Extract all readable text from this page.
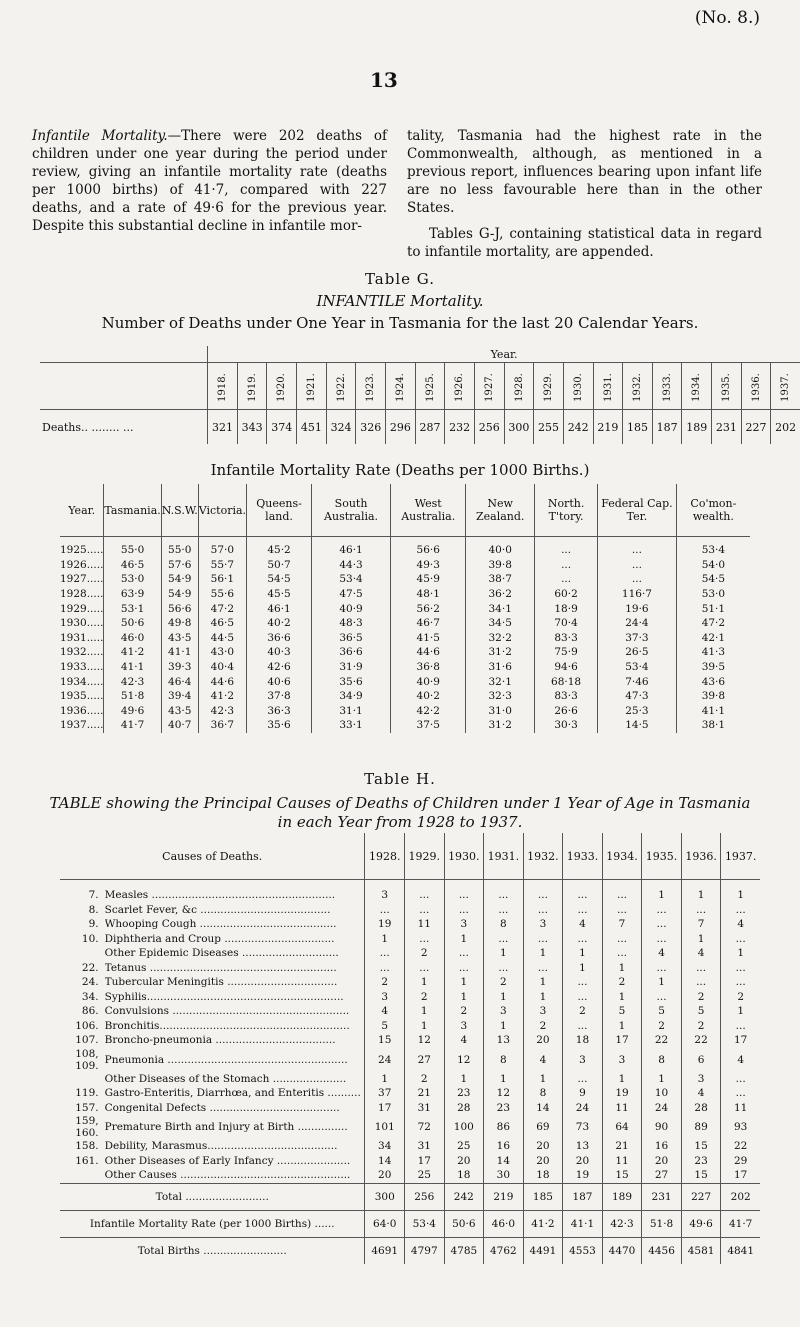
(No. 8.)
13
Infantile Mortality.—There were 202 deaths of children under one year during the period under review, giving an infantile mortality rate (deaths per 1000 births) of 41·7, compared with 227 deaths, and a rate of 49·6 for the previous year. Despite this substantial decline in infantile mor-
tality, Tasmania had the highest rate in the Commonwealth, although, as mentioned in a previous report, influences bearing upon infant life are no less favourable here than in the other States.
Tables G-J, containing statistical data in regard to infantile mortality, are appended.
Table G.
INFANTILE Mortality.
Number of Deaths under One Year in Tasmania for the last 20 Calendar Years.
	Year.																			
	1918.	1919.	1920.	1921.	1922.	1923.	1924.	1925.	1926.	1927.	1928.	1929.	1930.	1931.	1932.	1933.	1934.	1935.	1936.	1937.
Deaths.. ........ ...	321	343	374	451	324	326	296	287	232	256	300	255	242	219	185	187	189	231	227	202
Infantile Mortality Rate (Deaths per 1000 Births.)
Year.	Tasmania.	N.S.W.	Victoria.	Queens-land.	South Australia.	West Australia.	New Zealand.	North. T'tory.	Federal Cap. Ter.	Co'mon-wealth.
1925.....	55·0	55·0	57·0	45·2	46·1	56·6	40·0	...	...	53·4
1926.....	46·5	57·6	55·7	50·7	44·3	49·3	39·8	...	...	54·0
1927.....	53·0	54·9	56·1	54·5	53·4	45·9	38·7	...	...	54·5
1928.....	63·9	54·9	55·6	45·5	47·5	48·1	36·2	60·2	116·7	53·0
1929.....	53·1	56·6	47·2	46·1	40·9	56·2	34·1	18·9	19·6	51·1
1930.....	50·6	49·8	46·5	40·2	48·3	46·7	34·5	70·4	24·4	47·2
1931.....	46·0	43·5	44·5	36·6	36·5	41·5	32·2	83·3	37·3	42·1
1932.....	41·2	41·1	43·0	40·3	36·6	44·6	31·2	75·9	26·5	41·3
1933.....	41·1	39·3	40·4	42·6	31·9	36·8	31·6	94·6	53·4	39·5
1934.....	42·3	46·4	44·6	40·6	35·6	40·9	32·1	68·18	7·46	43·6
1935.....	51·8	39·4	41·2	37·8	34·9	40·2	32·3	83·3	47·3	39·8
1936.....	49·6	43·5	42·3	36·3	31·1	42·2	31·0	26·6	25·3	41·1
1937.....	41·7	40·7	36·7	35·6	33·1	37·5	31·2	30·3	14·5	38·1
Table H.
TABLE showing the Principal Causes of Deaths of Children under 1 Year of Age in Tasmania
in each Year from 1928 to 1937.
Causes of Deaths.		1928.	1929.	1930.	1931.	1932.	1933.	1934.	1935.	1936.	1937.
7.	Measles .......................................................	3	...	...	...	...	...	...	1	1	1
8.	Scarlet Fever, &c .......................................	...	...	...	...	...	...	...	...	...	...
9.	Whooping Cough .........................................	19	11	3	8	3	4	7	...	7	4
10.	Diphtheria and Croup .................................	1	...	1	...	...	...	...	...	1	...
	Other Epidemic Diseases .............................	...	2	...	1	1	1	...	4	4	1
22.	Tetanus ........................................................	...	...	...	...	...	1	1	...	...	...
24.	Tubercular Meningitis .................................	2	1	1	2	1	...	2	1	...	...
34.	Syphilis...........................................................	3	2	1	1	1	...	1	...	2	2
86.	Convulsions .....................................................	4	1	2	3	3	2	5	5	5	1
106.	Bronchitis.........................................................	5	1	3	1	2	...	1	2	2	...
107.	Broncho-pneumonia ....................................	15	12	4	13	20	18	17	22	22	17
108, 109.	Pneumonia ......................................................	24	27	12	8	4	3	3	8	6	4
	Other Diseases of the Stomach ......................	1	2	1	1	1	...	1	1	3	...
119.	Gastro-Enteritis, Diarrhœa, and Enteritis ..........	37	21	23	12	8	9	19	10	4	...
157.	Congenital Defects .......................................	17	31	28	23	14	24	11	24	28	11
159, 160.	Premature Birth and Injury at Birth ...............	101	72	100	86	69	73	64	90	89	93
158.	Debility, Marasmus.......................................	34	31	25	16	20	13	21	16	15	22
161.	Other Diseases of Early Infancy ......................	14	17	20	14	20	20	11	20	23	29
	Other Causes ...................................................	20	25	18	30	18	19	15	27	15	17
Total .........................		300	256	242	219	185	187	189	231	227	202
Infantile Mortality Rate (per 1000 Births) ......		64·0	53·4	50·6	46·0	41·2	41·1	42·3	51·8	49·6	41·7
Total Births .........................		4691	4797	4785	4762	4491	4553	4470	4456	4581	4841
